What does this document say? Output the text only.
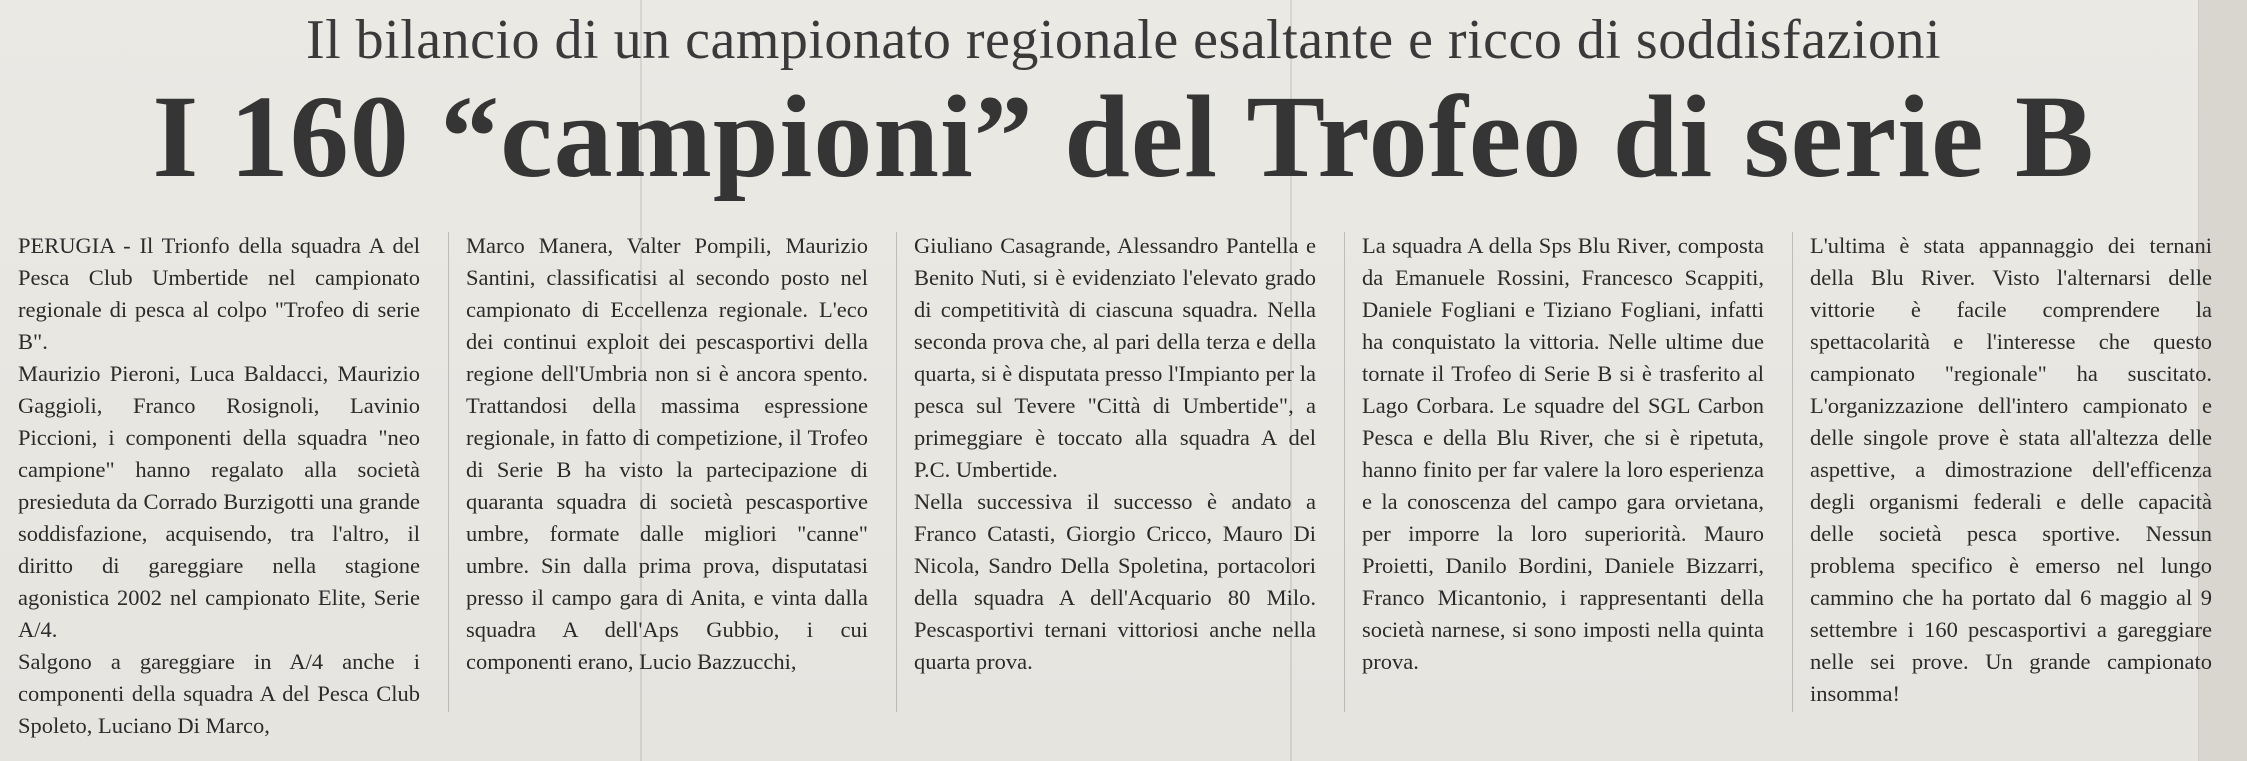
Il bilancio di un campionato regionale esaltante e ricco di soddisfazioni
I 160 “campioni” del Trofeo di serie B

PERUGIA - Il Trionfo della squadra A del Pesca Club Umbertide nel campionato regionale di pesca al colpo "Trofeo di serie B".

Maurizio Pieroni, Luca Baldacci, Maurizio Gaggioli, Franco Rosignoli, Lavinio Piccioni, i componenti della squadra "neo campione" hanno regalato alla società presieduta da Corrado Burzigotti una grande soddisfazione, acquisendo, tra l'altro, il diritto di gareggiare nella stagione agonistica 2002 nel campionato Elite, Serie A/4.

Salgono a gareggiare in A/4 anche i componenti della squadra A del Pesca Club Spoleto, Luciano Di Marco,

Marco Manera, Valter Pompili, Maurizio Santini, classificatisi al secondo posto nel campionato di Eccellenza regionale. L'eco dei continui exploit dei pescasportivi della regione dell'Umbria non si è ancora spento. Trattandosi della massima espressione regionale, in fatto di competizione, il Trofeo di Serie B ha visto la partecipazione di quaranta squadra di società pescasportive umbre, formate dalle migliori "canne" umbre. Sin dalla prima prova, disputatasi presso il campo gara di Anita, e vinta dalla squadra A dell'Aps Gubbio, i cui componenti erano, Lucio Bazzucchi,

Giuliano Casagrande, Alessandro Pantella e Benito Nuti, si è evidenziato l'elevato grado di competitività di ciascuna squadra. Nella seconda prova che, al pari della terza e della quarta, si è disputata presso l'Impianto per la pesca sul Tevere "Città di Umbertide", a primeggiare è toccato alla squadra A del P.C. Umbertide.

Nella successiva il successo è andato a Franco Catasti, Giorgio Cricco, Mauro Di Nicola, Sandro Della Spoletina, portacolori della squadra A dell'Acquario 80 Milo. Pescasportivi ternani vittoriosi anche nella quarta prova.

La squadra A della Sps Blu River, composta da Emanuele Rossini, Francesco Scappiti, Daniele Fogliani e Tiziano Fogliani, infatti ha conquistato la vittoria. Nelle ultime due tornate il Trofeo di Serie B si è trasferito al Lago Corbara. Le squadre del SGL Carbon Pesca e della Blu River, che si è ripetuta, hanno finito per far valere la loro esperienza e la conoscenza del campo gara orvietana, per imporre la loro superiorità. Mauro Proietti, Danilo Bordini, Daniele Bizzarri, Franco Micantonio, i rappresentanti della società narnese, si sono imposti nella quinta prova.

L'ultima è stata appannaggio dei ternani della Blu River. Visto l'alternarsi delle vittorie è facile comprendere la spettacolarità e l'interesse che questo campionato "regionale" ha suscitato. L'organizzazione dell'intero campionato e delle singole prove è stata all'altezza delle aspettive, a dimostrazione dell'efficenza degli organismi federali e delle capacità delle società pesca sportive. Nessun problema specifico è emerso nel lungo cammino che ha portato dal 6 maggio al 9 settembre i 160 pescasportivi a gareggiare nelle sei prove. Un grande campionato insomma!
